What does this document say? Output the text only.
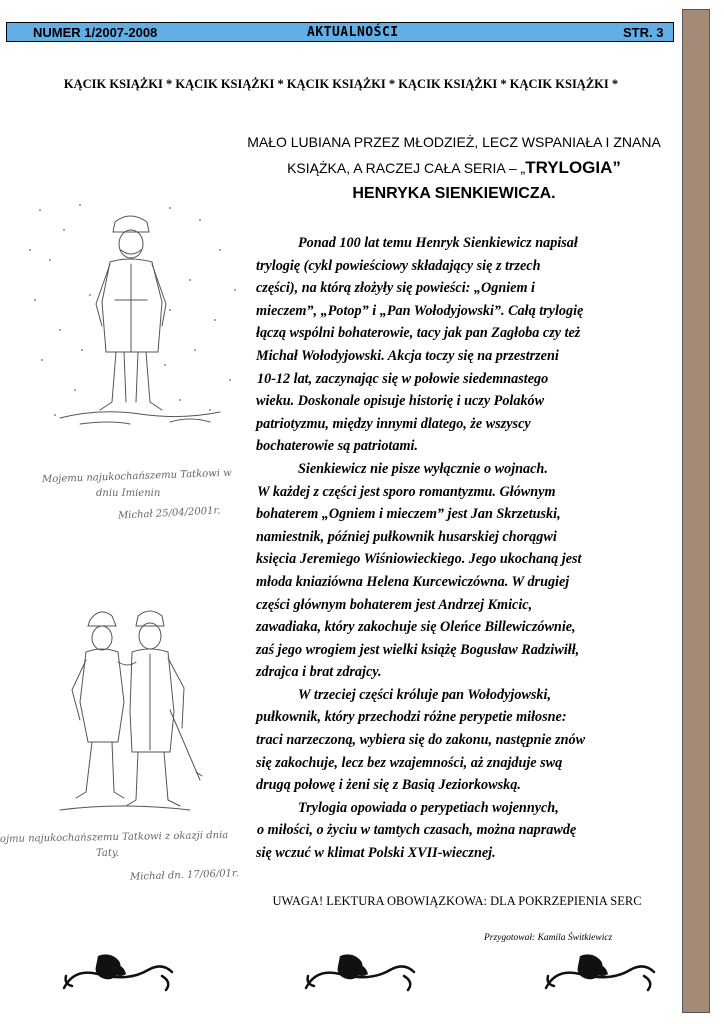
NUMER 1/2007-2008	AKTUALNOŚCI	STR. 3
KĄCIK KSIĄŻKI * KĄCIK KSIĄŻKI * KĄCIK KSIĄŻKI * KĄCIK KSIĄŻKI * KĄCIK KSIĄŻKI *
MAŁO LUBIANA PRZEZ MŁODZIEŻ, LECZ WSPANIAŁA I ZNANA
KSIĄŻKA, A RACZEJ CAŁA SERIA – „TRYLOGIA”
HENRYKA SIENKIEWICZA.
Ponad 100 lat temu Henryk Sienkiewicz napisał
trylogię (cykl powieściowy składający się z trzech
części), na którą złożyły się powieści: „Ogniem i
mieczem”, „Potop” i „Pan Wołodyjowski”. Całą trylogię
łączą wspólni bohaterowie, tacy jak pan Zagłoba czy też
Michał Wołodyjowski. Akcja toczy się na przestrzeni
10-12 lat, zaczynając się w połowie siedemnastego
wieku. Doskonale opisuje historię i uczy Polaków
patriotyzmu, między innymi dlatego, że wszyscy
bochaterowie są patriotami.
Sienkiewicz nie pisze wyłącznie o wojnach.
W każdej z części jest sporo romantyzmu. Głównym
bohaterem „Ogniem i mieczem” jest Jan Skrzetuski,
namiestnik, później pułkownik husarskiej chorągwi
księcia Jeremiego Wiśniowieckiego. Jego ukochaną jest
młoda kniaziówna Helena Kurcewiczówna. W drugiej
części głównym bohaterem jest Andrzej Kmicic,
zawadiaka, który zakochuje się Oleńce Billewiczównie,
zaś jego wrogiem jest wielki książę Bogusław Radziwiłł,
zdrajca i brat zdrajcy.
W trzeciej części króluje pan Wołodyjowski,
pułkownik, który przechodzi różne perypetie miłosne:
traci narzeczoną, wybiera się do zakonu, następnie znów
się zakochuje, lecz bez wzajemności, aż znajduje swą
drugą połowę i żeni się z Basią Jeziorkowską.
Trylogia opowiada o perypetiach wojennych,
o miłości, o życiu w tamtych czasach, można naprawdę
się wczuć w klimat Polski XVII-wiecznej.
UWAGA! LEKTURA OBOWIĄZKOWA: DLA POKRZEPIENIA SERC
Przygotował: Kamila Świtkiewicz
Mojemu najukochańszemu Tatkowi w
dniu Imienin
Michał 25/04/2001r.
ojmu najukochańszemu Tatkowi z okazji dnia
Taty.
Michał dn. 17/06/01r.
